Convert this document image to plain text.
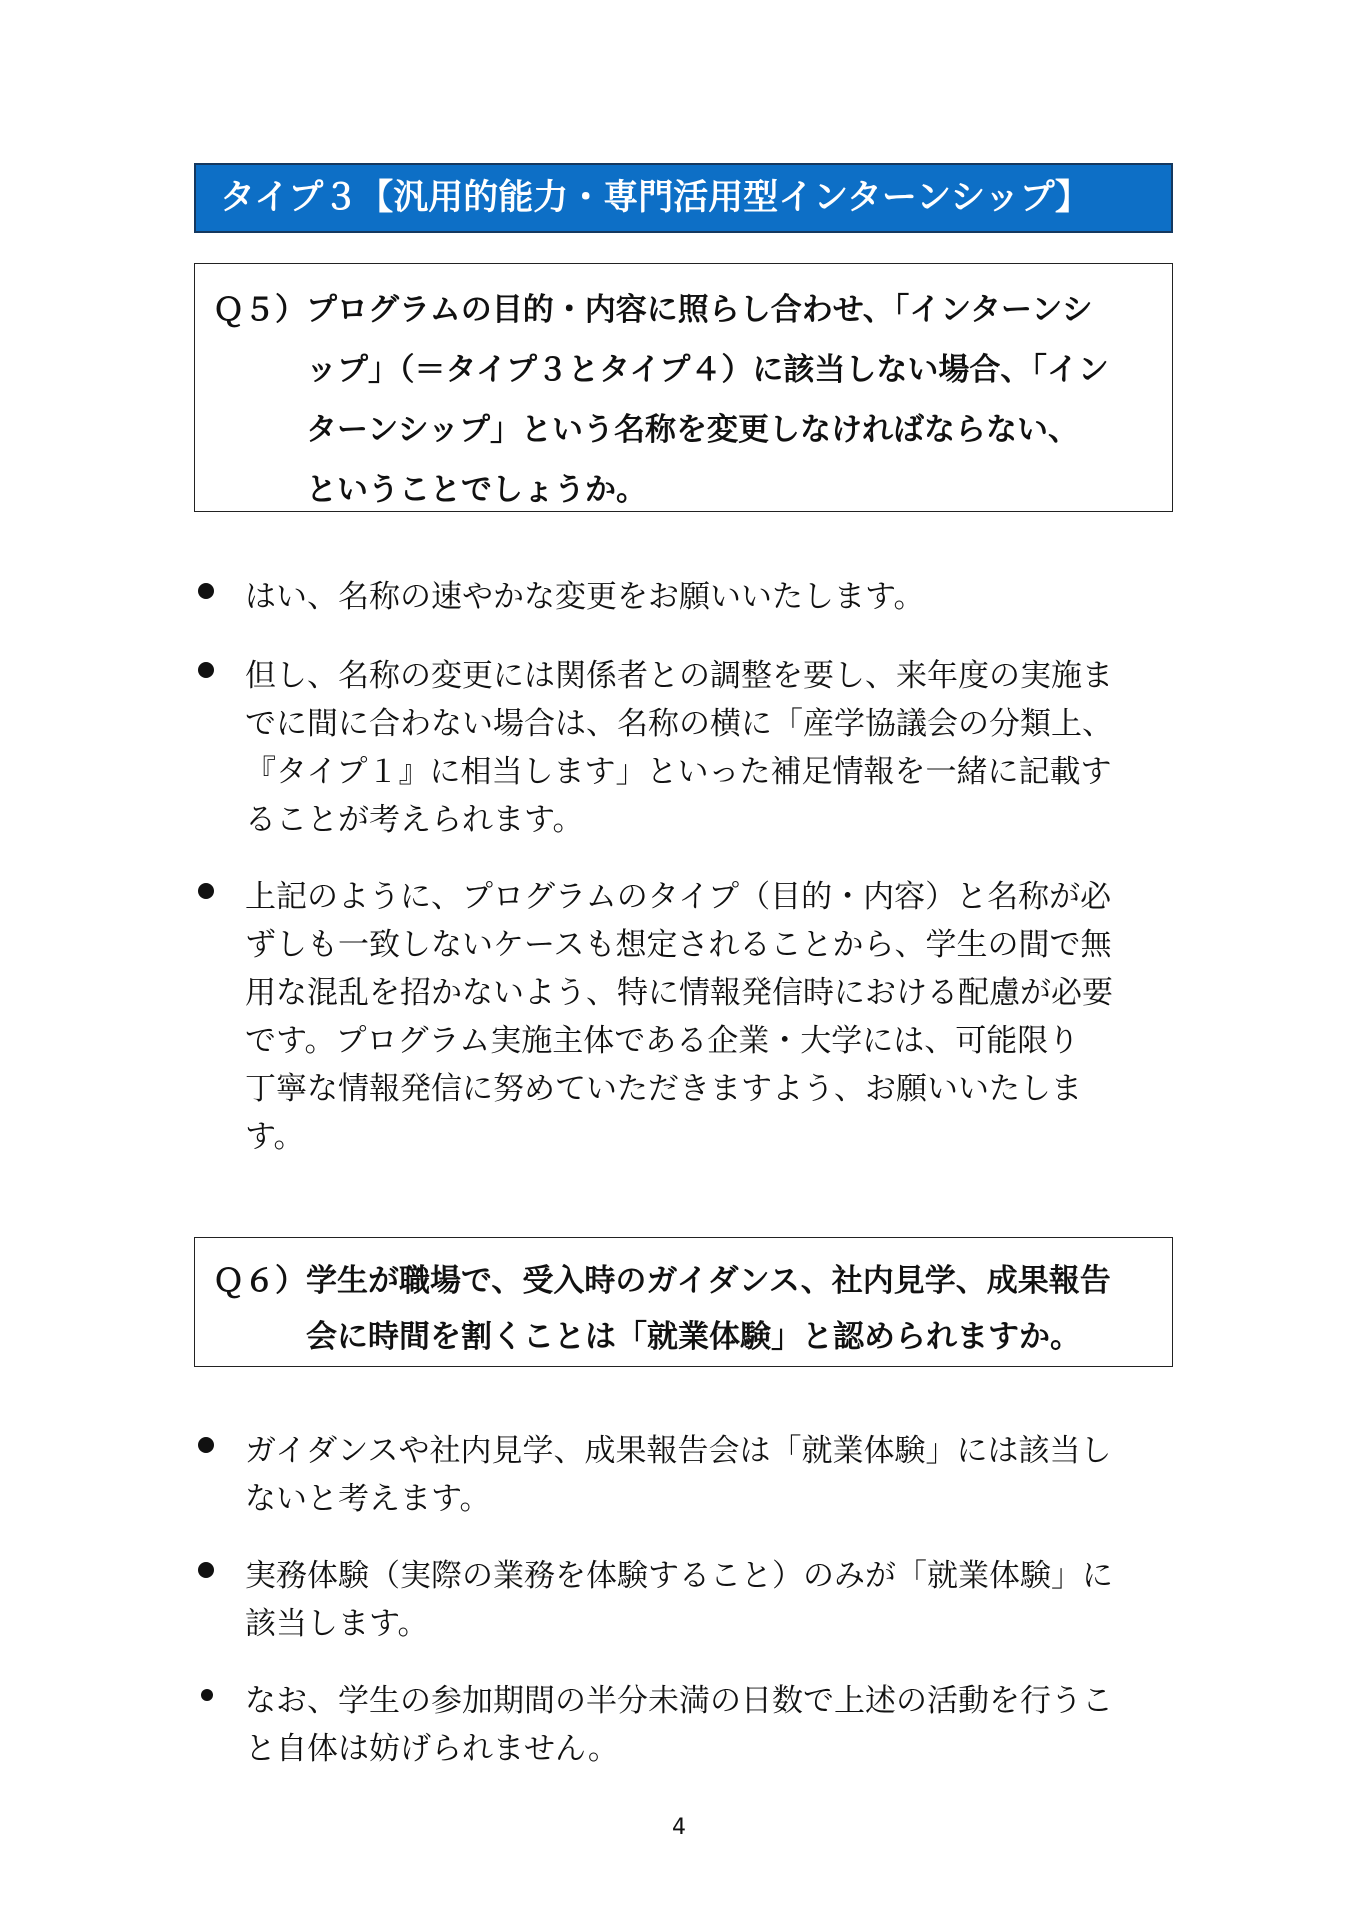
タイプ３【汎用的能力・専門活用型インターンシップ】
Ｑ５） プログラムの目的・内容に照らし合わせ、「インターンシ
ップ」（＝タイプ３とタイプ４）に該当しない場合、「イン
ターンシップ」という名称を変更しなければならない、
ということでしょうか。
はい、名称の速やかな変更をお願いいたします。
但し、名称の変更には関係者との調整を要し、来年度の実施ま
でに間に合わない場合は、名称の横に「産学協議会の分類上、
『タイプ１』に相当します」といった補足情報を一緒に記載す
ることが考えられます。
上記のように、プログラムのタイプ（目的・内容）と名称が必
ずしも一致しないケースも想定されることから、学生の間で無
用な混乱を招かないよう、特に情報発信時における配慮が必要
です。プログラム実施主体である企業・大学には、可能限り
丁寧な情報発信に努めていただきますよう、お願いいたしま
す。
Ｑ６） 学生が職場で、受入時のガイダンス、社内見学、成果報告
会に時間を割くことは「就業体験」と認められますか。
ガイダンスや社内見学、成果報告会は「就業体験」には該当し
ないと考えます。
実務体験（実際の業務を体験すること）のみが「就業体験」に
該当します。
なお、学生の参加期間の半分未満の日数で上述の活動を行うこ
と自体は妨げられません。
4
